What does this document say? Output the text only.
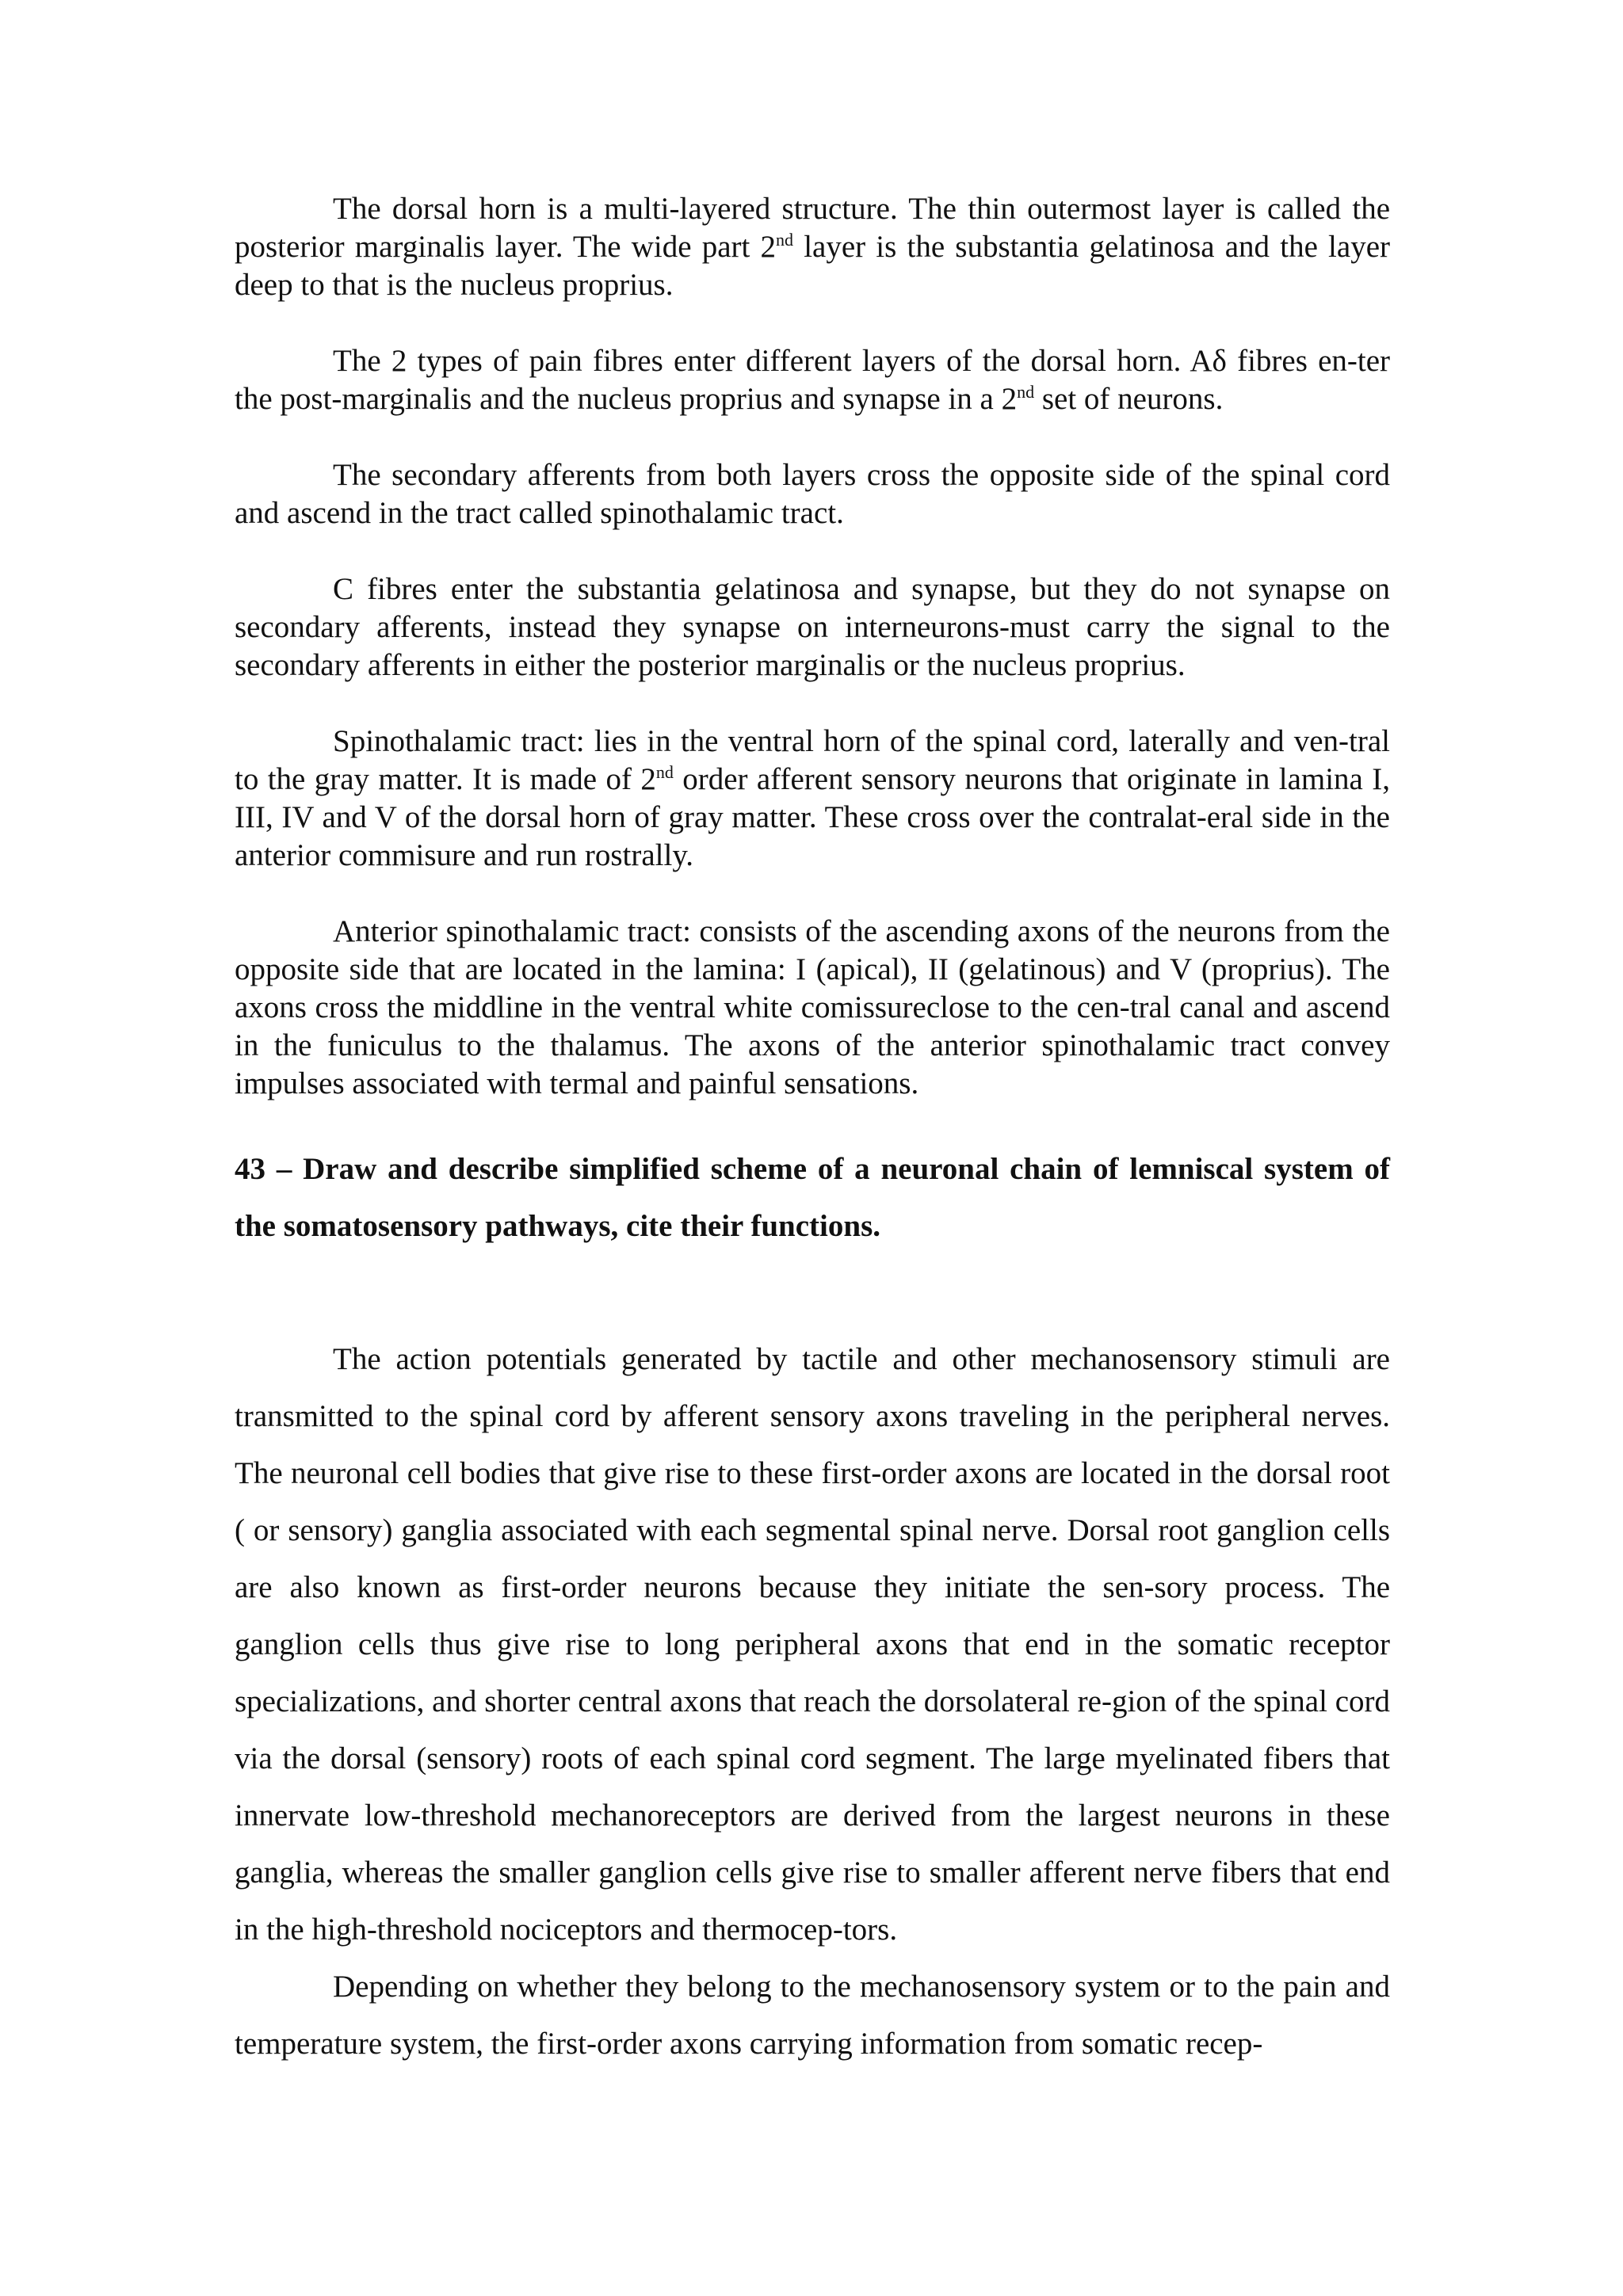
The dorsal horn is a multi-layered structure. The thin outermost layer is called the posterior marginalis layer. The wide part 2nd layer is the substantia gelatinosa and the layer deep to that is the nucleus proprius.

The 2 types of pain fibres enter different layers of the dorsal horn. Aδ fibres en-ter the post-marginalis and the nucleus proprius and synapse in a 2nd set of neurons.

The secondary afferents from both layers cross the opposite side of the spinal cord and ascend in the tract called spinothalamic tract.

C fibres enter the substantia gelatinosa and synapse, but they do not synapse on secondary afferents, instead they synapse on interneurons-must carry the signal to the secondary afferents in either the posterior marginalis or the nucleus proprius.

Spinothalamic tract: lies in the ventral horn of the spinal cord, laterally and ven-tral to the gray matter. It is made of 2nd order afferent sensory neurons that originate in lamina I, III, IV and V of the dorsal horn of gray matter. These cross over the contralat-eral side in the anterior commisure and run rostrally.

Anterior spinothalamic tract: consists of the ascending axons of the neurons from the opposite side that are located in the lamina: I (apical), II (gelatinous) and V (proprius). The axons cross the middline in the ventral white comissureclose to the cen-tral canal and ascend in the funiculus to the thalamus. The axons of the anterior spinothalamic tract convey impulses associated with termal and painful sensations.

43 – Draw and describe simplified scheme of a neuronal chain of lemniscal system of the somatosensory pathways, cite their functions.

The action potentials generated by tactile and other mechanosensory stimuli are transmitted to the spinal cord by afferent sensory axons traveling in the peripheral nerves. The neuronal cell bodies that give rise to these first-order axons are located in the dorsal root ( or sensory) ganglia associated with each segmental spinal nerve. Dorsal root ganglion cells are also known as first-order neurons because they initiate the sen-sory process. The ganglion cells thus give rise to long peripheral axons that end in the somatic receptor specializations, and shorter central axons that reach the dorsolateral re-gion of the spinal cord via the dorsal (sensory) roots of each spinal cord segment. The large myelinated fibers that innervate low-threshold mechanoreceptors are derived from the largest neurons in these ganglia, whereas the smaller ganglion cells give rise to smaller afferent nerve fibers that end in the high-threshold nociceptors and thermocep-tors.

Depending on whether they belong to the mechanosensory system or to the pain and temperature system, the first-order axons carrying information from somatic recep-
